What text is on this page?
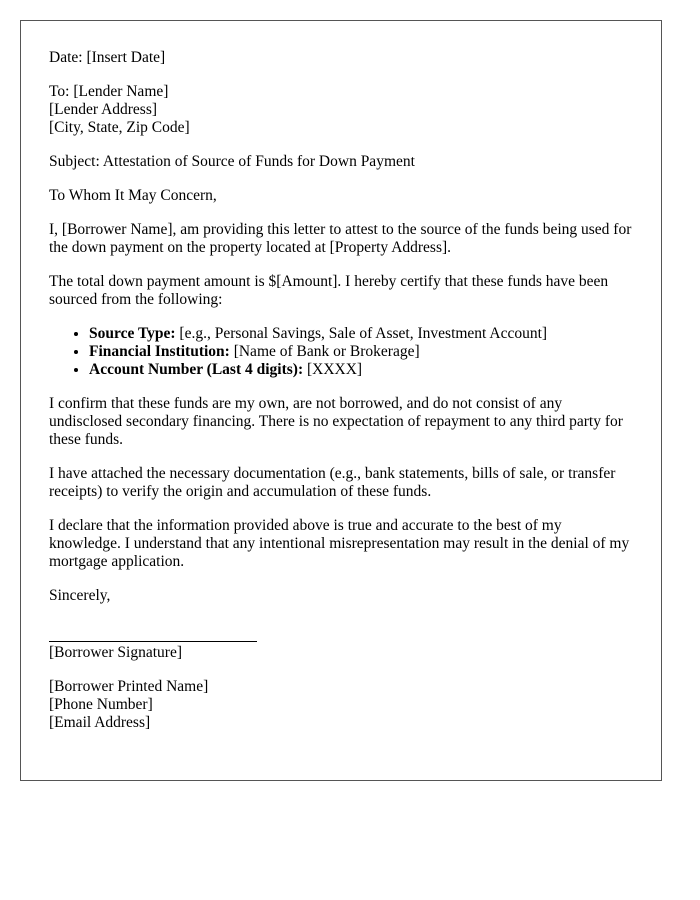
Date: [Insert Date]

To: [Lender Name]
[Lender Address]
[City, State, Zip Code]

Subject: Attestation of Source of Funds for Down Payment

To Whom It May Concern,

I, [Borrower Name], am providing this letter to attest to the source of the funds being used for the down payment on the property located at [Property Address].

The total down payment amount is $[Amount]. I hereby certify that these funds have been sourced from the following:

• Source Type: [e.g., Personal Savings, Sale of Asset, Investment Account]
• Financial Institution: [Name of Bank or Brokerage]
• Account Number (Last 4 digits): [XXXX]

I confirm that these funds are my own, are not borrowed, and do not consist of any undisclosed secondary financing. There is no expectation of repayment to any third party for these funds.

I have attached the necessary documentation (e.g., bank statements, bills of sale, or transfer receipts) to verify the origin and accumulation of these funds.

I declare that the information provided above is true and accurate to the best of my knowledge. I understand that any intentional misrepresentation may result in the denial of my mortgage application.

Sincerely,

[Borrower Signature]

[Borrower Printed Name]
[Phone Number]
[Email Address]
